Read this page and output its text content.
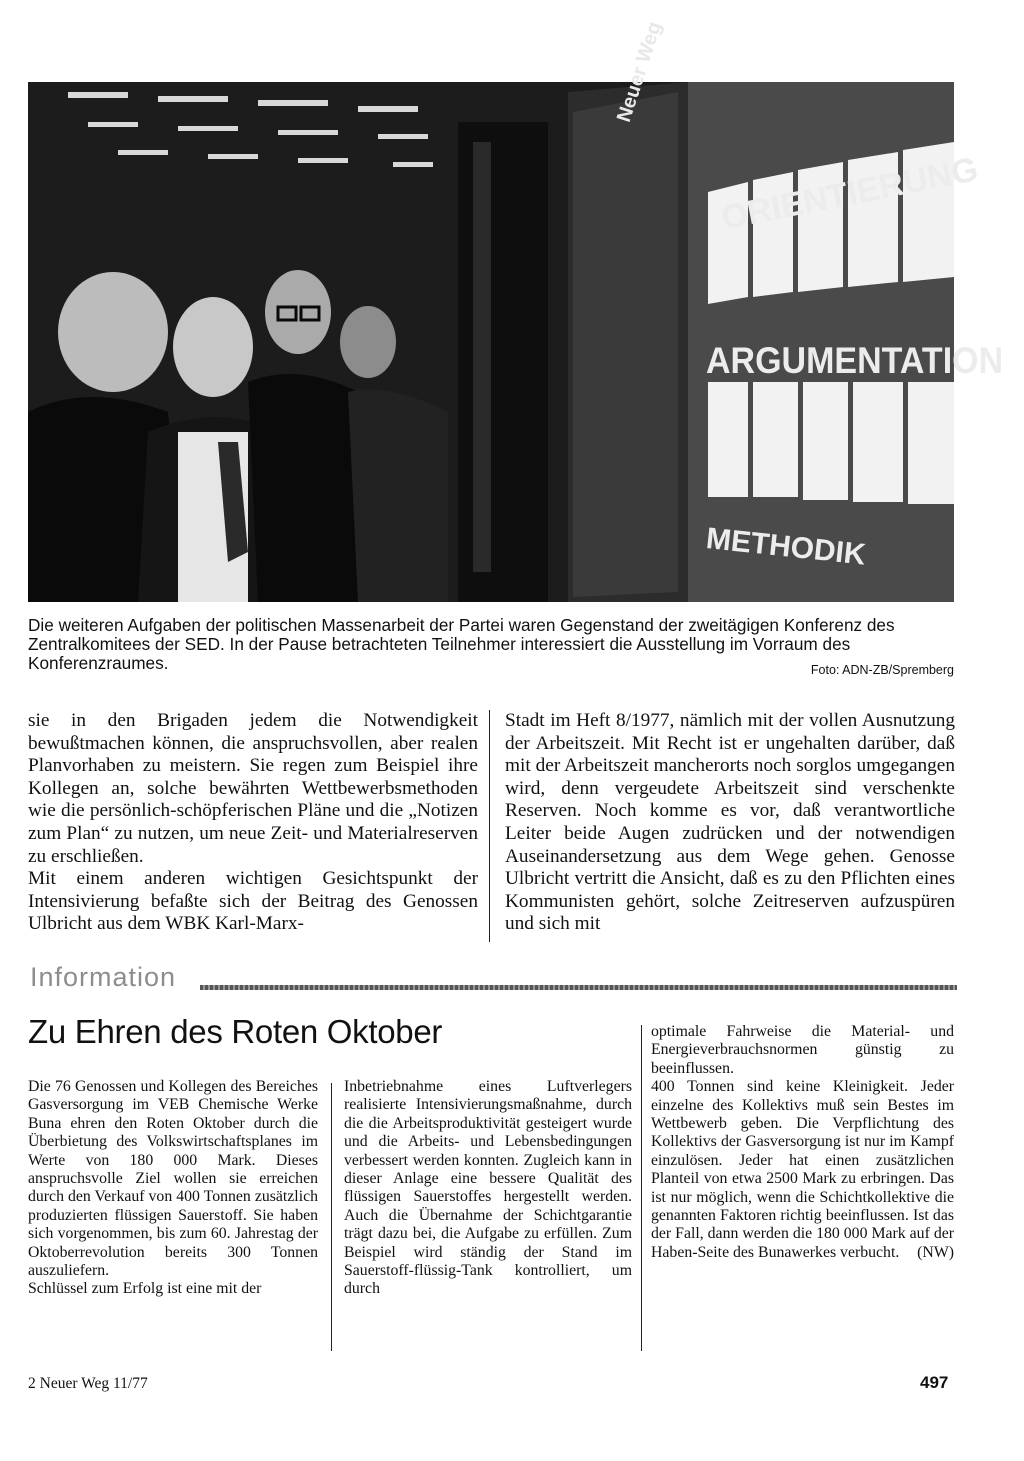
Neuer Weg
ORIENTIERUNG
ARGUMENTATION
METHODIK
Die weiteren Aufgaben der politischen Massenarbeit der Partei waren Gegenstand der zweitägigen Konferenz des Zentralkomitees der SED. In der Pause betrachteten Teilnehmer interessiert die Ausstellung im Vorraum des Konferenzraumes.	Foto: ADN-ZB/Spremberg

sie in den Brigaden jedem die Notwendigkeit bewußtmachen können, die anspruchsvollen, aber realen Planvorhaben zu meistern. Sie regen zum Beispiel ihre Kollegen an, solche bewährten Wettbewerbsmethoden wie die persönlich-schöpferischen Pläne und die „Notizen zum Plan“ zu nutzen, um neue Zeit- und Materialreserven zu erschließen.

Mit einem anderen wichtigen Gesichtspunkt der Intensivierung befaßte sich der Beitrag des Genossen Ulbricht aus dem WBK Karl-Marx-

Stadt im Heft 8/1977, nämlich mit der vollen Ausnutzung der Arbeitszeit. Mit Recht ist er ungehalten darüber, daß mit der Arbeitszeit mancherorts noch sorglos umgegangen wird, denn vergeudete Arbeitszeit sind verschenkte Reserven. Noch komme es vor, daß verantwortliche Leiter beide Augen zudrücken und der notwendigen Auseinandersetzung aus dem Wege gehen. Genosse Ulbricht vertritt die Ansicht, daß es zu den Pflichten eines Kommunisten gehört, solche Zeitreserven aufzuspüren und sich mit

Information
Zu Ehren des Roten Oktober

Die 76 Genossen und Kollegen des Bereiches Gasversorgung im VEB Chemische Werke Buna ehren den Roten Oktober durch die Überbietung des Volkswirtschaftsplanes im Werte von 180 000 Mark. Dieses anspruchsvolle Ziel wollen sie erreichen durch den Verkauf von 400 Tonnen zusätzlich produzierten flüssigen Sauerstoff. Sie haben sich vorgenommen, bis zum 60. Jahrestag der Oktoberrevolution bereits 300 Tonnen auszuliefern.

Schlüssel zum Erfolg ist eine mit der

Inbetriebnahme eines Luftverlegers realisierte Intensivierungsmaßnahme, durch die die Arbeitsproduktivität gesteigert wurde und die Arbeits- und Lebensbedingungen verbessert werden konnten. Zugleich kann in dieser Anlage eine bessere Qualität des flüssigen Sauerstoffes hergestellt werden. Auch die Übernahme der Schichtgarantie trägt dazu bei, die Aufgabe zu erfüllen. Zum Beispiel wird ständig der Stand im Sauerstoff-flüssig-Tank kontrolliert, um durch

optimale Fahrweise die Material- und Energieverbrauchsnormen günstig zu beeinflussen.

400 Tonnen sind keine Kleinigkeit. Jeder einzelne des Kollektivs muß sein Bestes im Wettbewerb geben. Die Verpflichtung des Kollektivs der Gasversorgung ist nur im Kampf einzulösen. Jeder hat einen zusätzlichen Planteil von etwa 2500 Mark zu erbringen. Das ist nur möglich, wenn die Schichtkollektive die genannten Faktoren richtig beeinflussen. Ist das der Fall, dann werden die 180 000 Mark auf der Haben-Seite des Bunawerkes verbucht.	(NW)
2 Neuer Weg 11/77	497
